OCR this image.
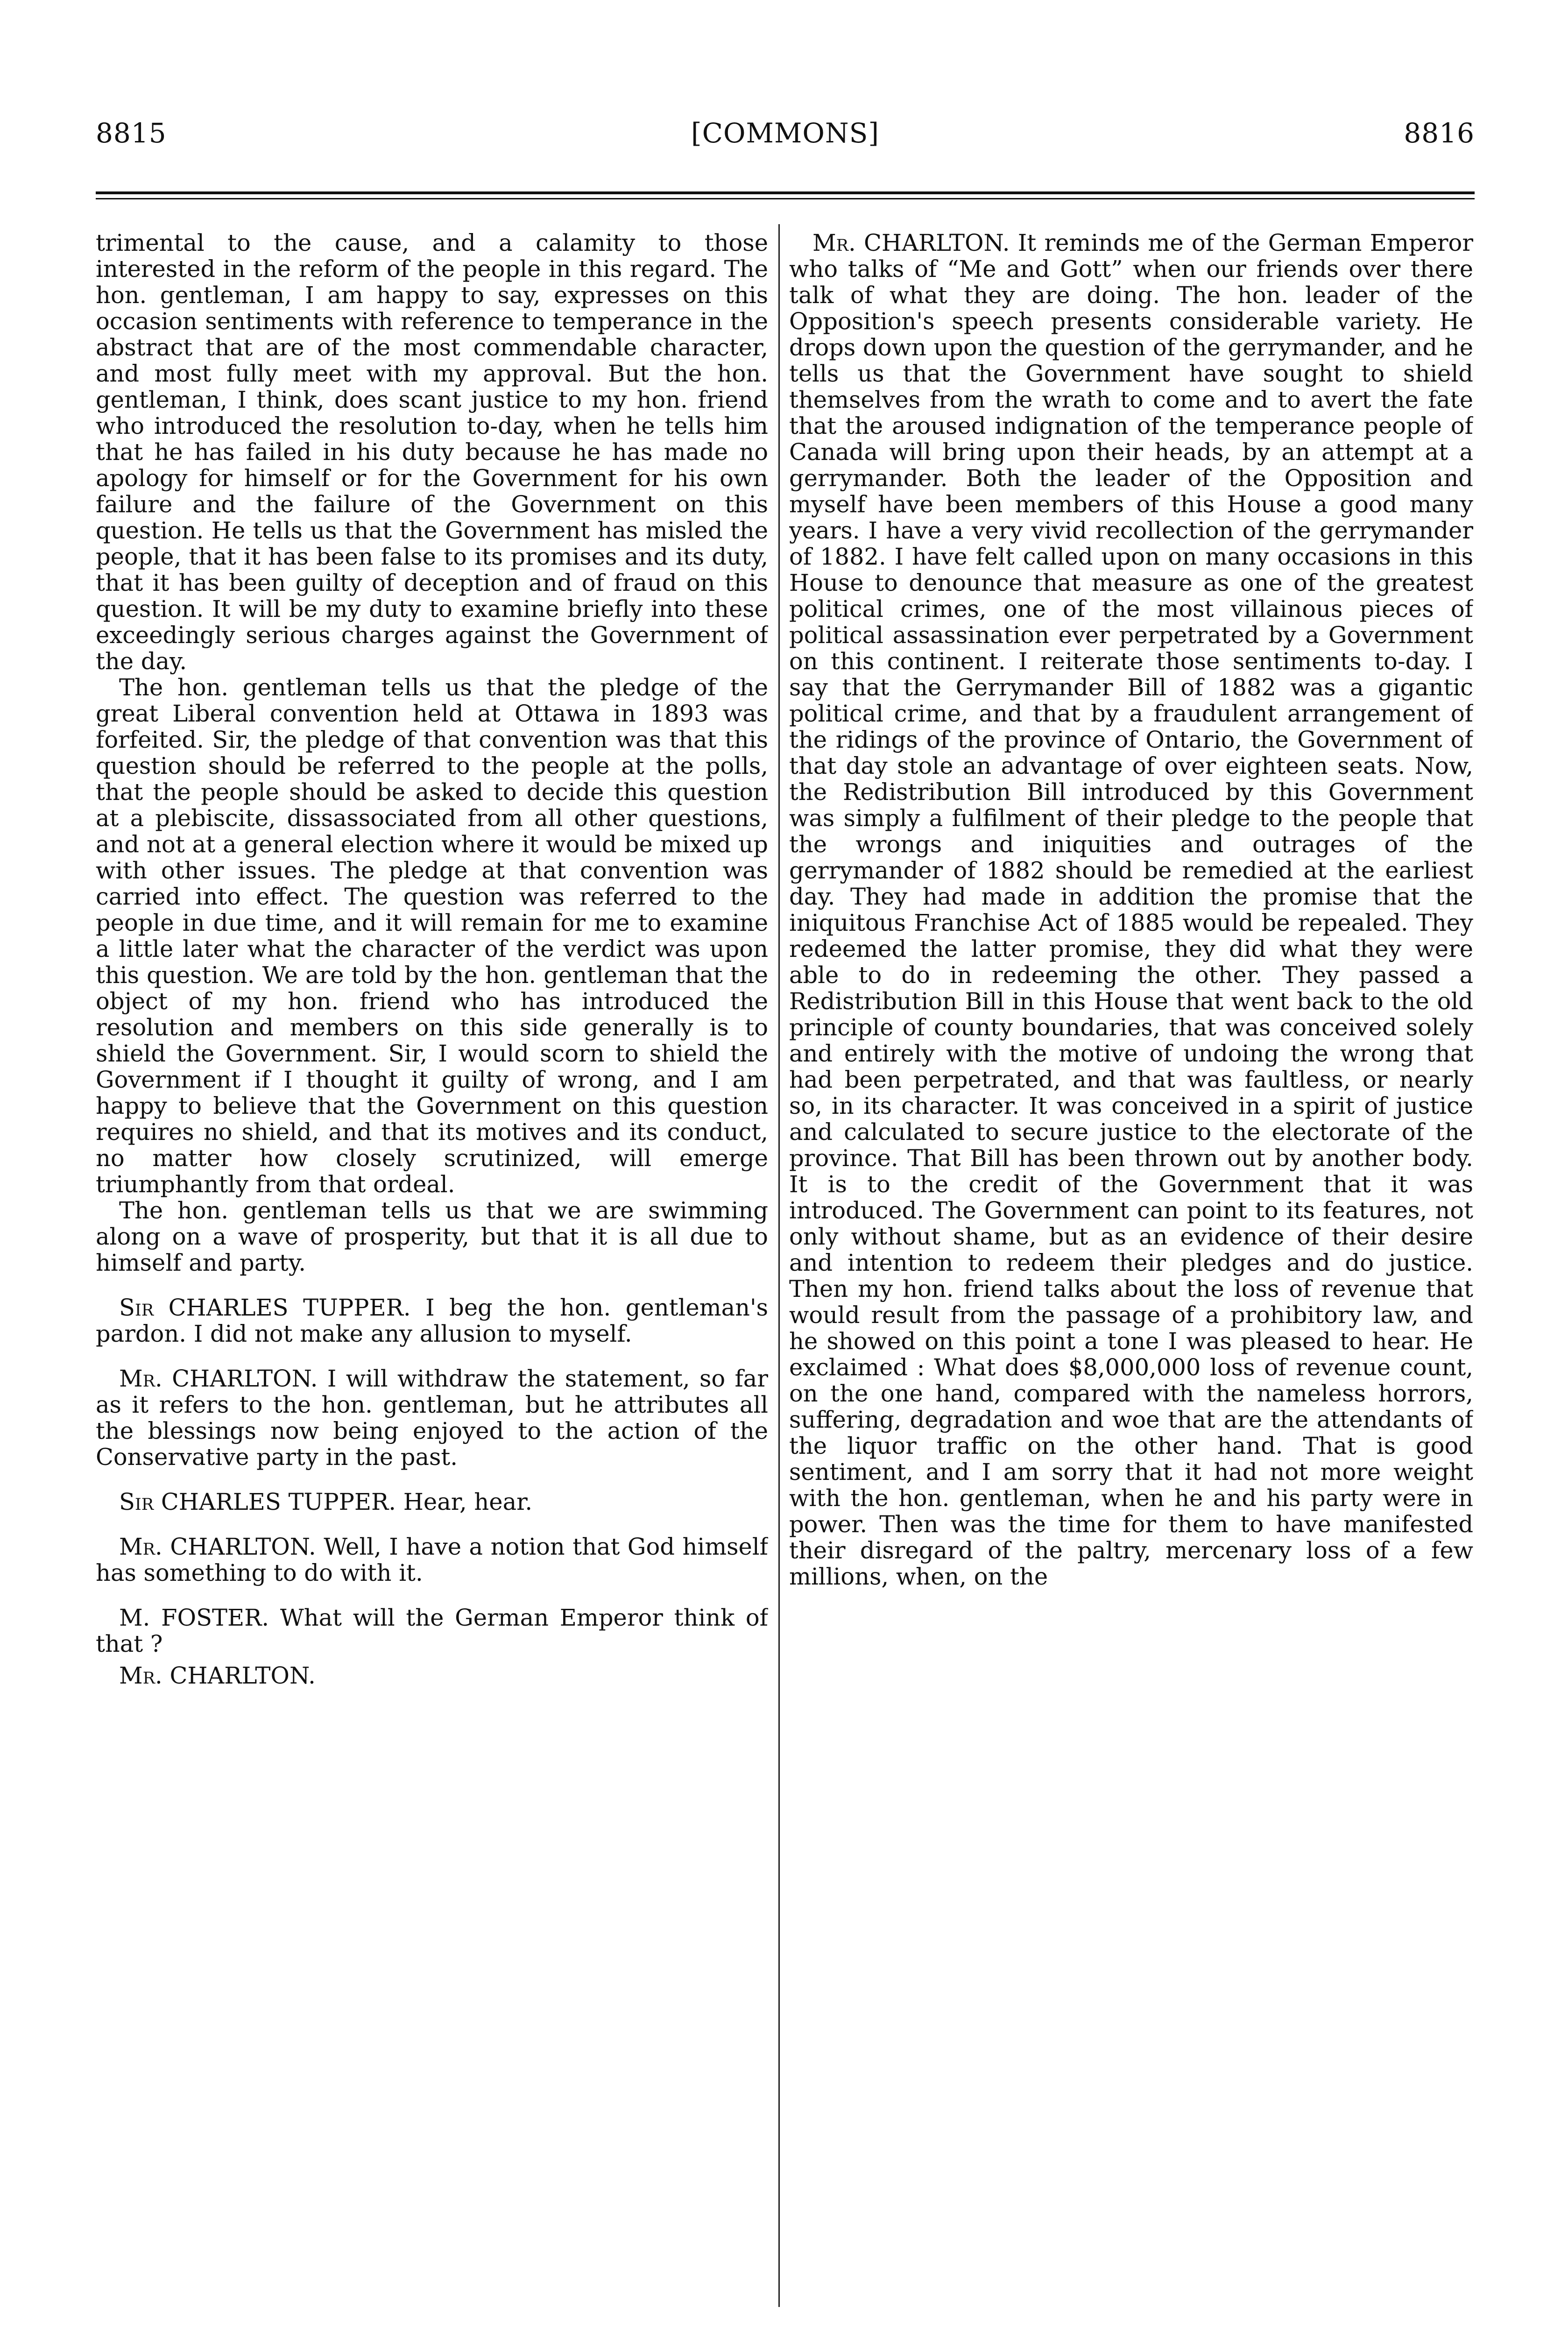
8815	[COMMONS]	8816

trimental to the cause, and a calamity to those interested in the reform of the people in this regard. The hon. gentleman, I am happy to say, expresses on this occasion sentiments with reference to temperance in the abstract that are of the most commendable character, and most fully meet with my approval. But the hon. gentleman, I think, does scant justice to my hon. friend who introduced the resolution to-day, when he tells him that he has failed in his duty because he has made no apology for himself or for the Government for his own failure and the failure of the Government on this question. He tells us that the Government has misled the people, that it has been false to its promises and its duty, that it has been guilty of deception and of fraud on this question. It will be my duty to examine briefly into these exceedingly serious charges against the Government of the day.

The hon. gentleman tells us that the pledge of the great Liberal convention held at Ottawa in 1893 was forfeited. Sir, the pledge of that convention was that this question should be referred to the people at the polls, that the people should be asked to decide this question at a plebiscite, dissassociated from all other questions, and not at a general election where it would be mixed up with other issues. The pledge at that convention was carried into effect. The question was referred to the people in due time, and it will remain for me to examine a little later what the character of the verdict was upon this question. We are told by the hon. gentleman that the object of my hon. friend who has introduced the resolution and members on this side generally is to shield the Government. Sir, I would scorn to shield the Government if I thought it guilty of wrong, and I am happy to believe that the Government on this question requires no shield, and that its motives and its conduct, no matter how closely scrutinized, will emerge triumphantly from that ordeal.

The hon. gentleman tells us that we are swimming along on a wave of prosperity, but that it is all due to himself and party.

Sir CHARLES TUPPER. I beg the hon. gentleman's pardon. I did not make any allusion to myself.

Mr. CHARLTON. I will withdraw the statement, so far as it refers to the hon. gentleman, but he attributes all the blessings now being enjoyed to the action of the Conservative party in the past.

Sir CHARLES TUPPER. Hear, hear.

Mr. CHARLTON. Well, I have a notion that God himself has something to do with it.

M. FOSTER. What will the German Emperor think of that ?

Mr. CHARLTON.

Mr. CHARLTON. It reminds me of the German Emperor who talks of “Me and Gott” when our friends over there talk of what they are doing. The hon. leader of the Opposition's speech presents considerable variety. He drops down upon the question of the gerrymander, and he tells us that the Government have sought to shield themselves from the wrath to come and to avert the fate that the aroused indignation of the temperance people of Canada will bring upon their heads, by an attempt at a gerrymander. Both the leader of the Opposition and myself have been members of this House a good many years. I have a very vivid recollection of the gerrymander of 1882. I have felt called upon on many occasions in this House to denounce that measure as one of the greatest political crimes, one of the most villainous pieces of political assassination ever perpetrated by a Government on this continent. I reiterate those sentiments to-day. I say that the Gerrymander Bill of 1882 was a gigantic political crime, and that by a fraudulent arrangement of the ridings of the province of Ontario, the Government of that day stole an advantage of over eighteen seats. Now, the Redistribution Bill introduced by this Government was simply a fulfilment of their pledge to the people that the wrongs and iniquities and outrages of the gerrymander of 1882 should be remedied at the earliest day. They had made in addition the promise that the iniquitous Franchise Act of 1885 would be repealed. They redeemed the latter promise, they did what they were able to do in redeeming the other. They passed a Redistribution Bill in this House that went back to the old principle of county boundaries, that was conceived solely and entirely with the motive of undoing the wrong that had been perpetrated, and that was faultless, or nearly so, in its character. It was conceived in a spirit of justice and calculated to secure justice to the electorate of the province. That Bill has been thrown out by another body. It is to the credit of the Government that it was introduced. The Government can point to its features, not only without shame, but as an evidence of their desire and intention to redeem their pledges and do justice. Then my hon. friend talks about the loss of revenue that would result from the passage of a prohibitory law, and he showed on this point a tone I was pleased to hear. He exclaimed : What does $8,000,000 loss of revenue count, on the one hand, compared with the nameless horrors, suffering, degradation and woe that are the attendants of the liquor traffic on the other hand. That is good sentiment, and I am sorry that it had not more weight with the hon. gentleman, when he and his party were in power. Then was the time for them to have manifested their disregard of the paltry, mercenary loss of a few millions, when, on the
